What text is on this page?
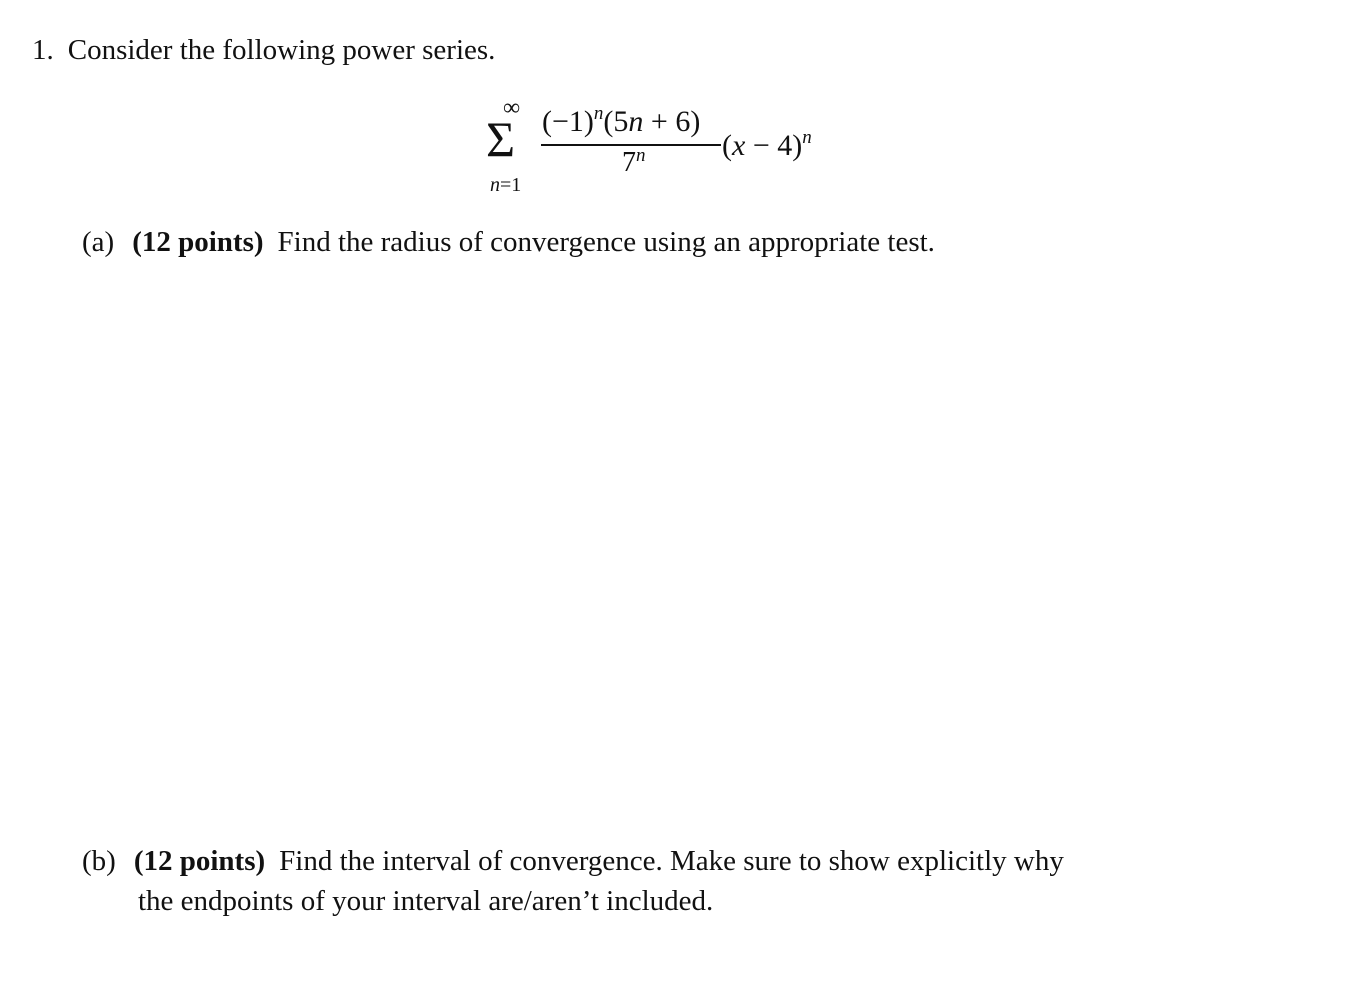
1. Consider the following power series.
∞
Σ
n=1
$(-1)^n(5n + 6)$
7$^n$	$(x - 4)^n$
(a) (12 points) Find the radius of convergence using an appropriate test.
(b) (12 points) Find the interval of convergence. Make sure to show explicitly why
the endpoints of your interval are/aren’t included.
